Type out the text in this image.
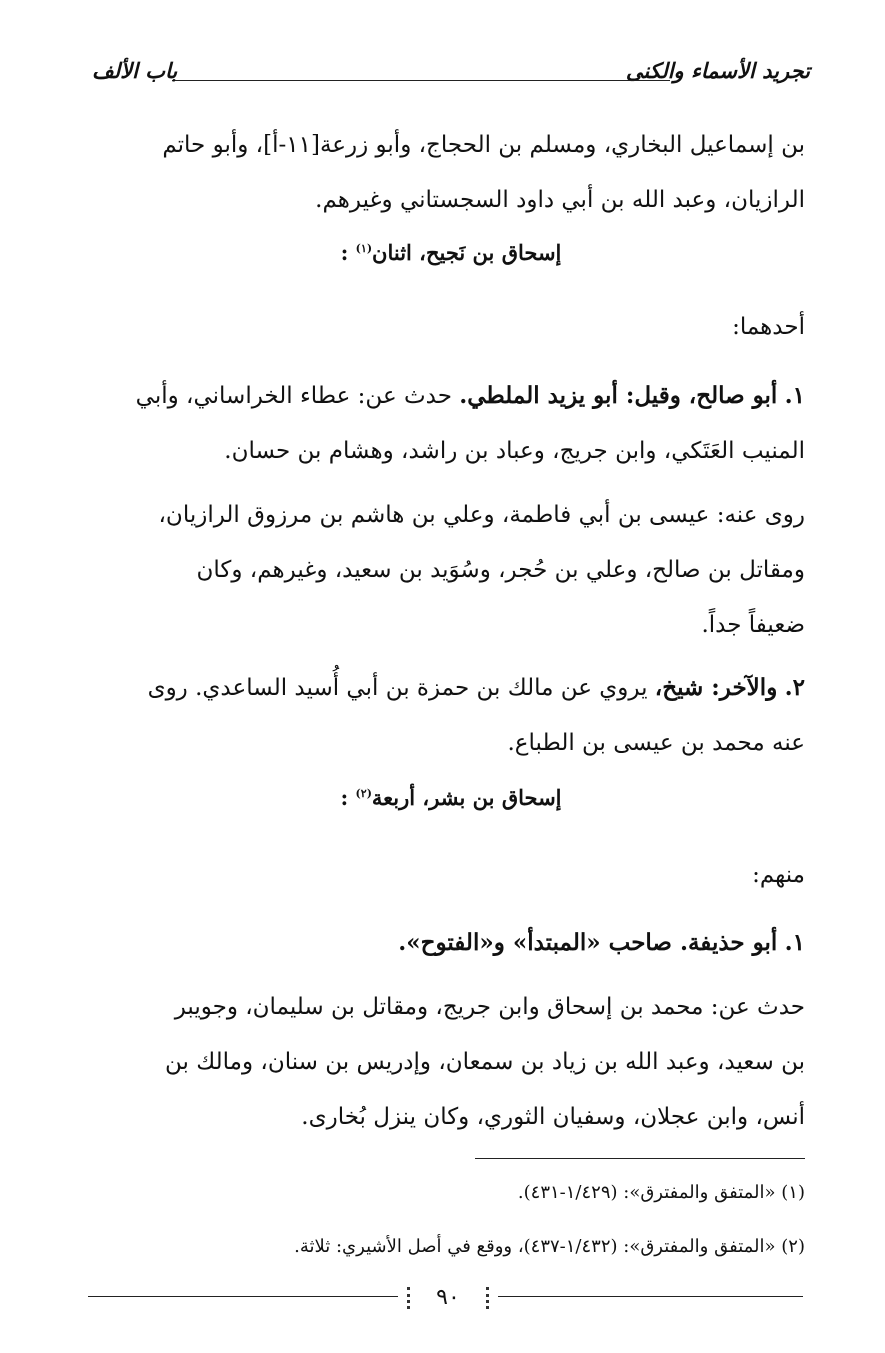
تجريد الأسماء والكنى
باب الألف
بن إسماعيل البخاري، ومسلم بن الحجاج، وأبو زرعة[١١-أ]، وأبو حاتم
الرازيان، وعبد الله بن أبي داود السجستاني وغيرهم.
إسحاق بن نَجيح، اثنان$^{(١)}$ :
أحدهما:
١. أبو صالح، وقيل: أبو يزيد الملطي. حدث عن: عطاء الخراساني، وأبي
المنيب العَتَكي، وابن جريج، وعباد بن راشد، وهشام بن حسان.
روى عنه: عيسى بن أبي فاطمة، وعلي بن هاشم بن مرزوق الرازيان،
ومقاتل بن صالح، وعلي بن حُجر، وسُوَيد بن سعيد، وغيرهم، وكان
ضعيفاً جداً.
٢. والآخر: شيخ، يروي عن مالك بن حمزة بن أبي أُسيد الساعدي. روى
عنه محمد بن عيسى بن الطباع.
إسحاق بن بشر، أربعة$^{(٢)}$ :
منهم:
١. أبو حذيفة. صاحب «المبتدأ» و«الفتوح».
حدث عن: محمد بن إسحاق وابن جريج، ومقاتل بن سليمان، وجويبر
بن سعيد، وعبد الله بن زياد بن سمعان، وإدريس بن سنان، ومالك بن
أنس، وابن عجلان، وسفيان الثوري، وكان ينزل بُخارى.
(١) «المتفق والمفترق»: (١/٤٢٩-٤٣١).
(٢) «المتفق والمفترق»: (١/٤٣٢-٤٣٧)، ووقع في أصل الأشيري: ثلاثة.
٩٠
